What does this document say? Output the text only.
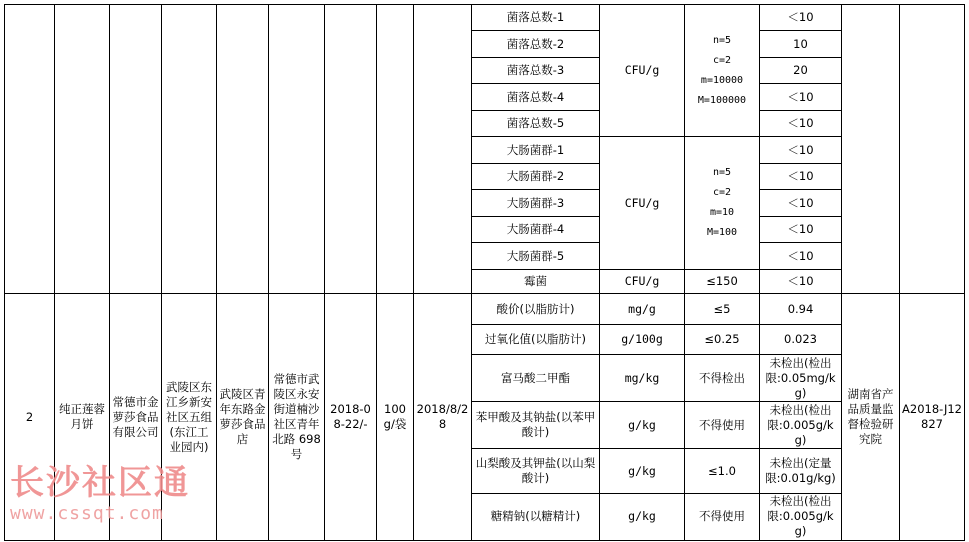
									菌落总数-1	CFU/g	n=5
c=2
m=10000
M=100000	＜10		
									菌落总数-2			10		
									菌落总数-3			20		
									菌落总数-4			＜10		
									菌落总数-5			＜10		
									大肠菌群-1	CFU/g	n=5
c=2
m=10
M=100	＜10		
									大肠菌群-2			＜10		
									大肠菌群-3			＜10		
									大肠菌群-4			＜10		
									大肠菌群-5			＜10		
									霉菌	CFU/g	≤150	＜10		
2	纯正莲蓉月饼	常德市金萝莎食品有限公司	武陵区东江乡新安社区五组(东江工业园内)	武陵区青年东路金萝莎食品店	常德市武陵区永安街道楠沙社区青年北路 698号	2018-08-22/-	100g/袋	2018/8/28	酸价(以脂肪计)	mg/g	≤5	0.94	湖南省产品质量监督检验研究院	A2018-J12827
									过氧化值(以脂肪计)	g/100g	≤0.25	0.023		
									富马酸二甲酯	mg/kg	不得检出	未检出(检出限:0.05mg/kg)		
									苯甲酸及其钠盐(以苯甲酸计)	g/kg	不得使用	未检出(检出限:0.005g/kg)		
									山梨酸及其钾盐(以山梨酸计)	g/kg	≤1.0	未检出(定量限:0.01g/kg)		
									糖精钠(以糖精计)	g/kg	不得使用	未检出(检出限:0.005g/kg)		
长沙社区通
www.cssqt.com
